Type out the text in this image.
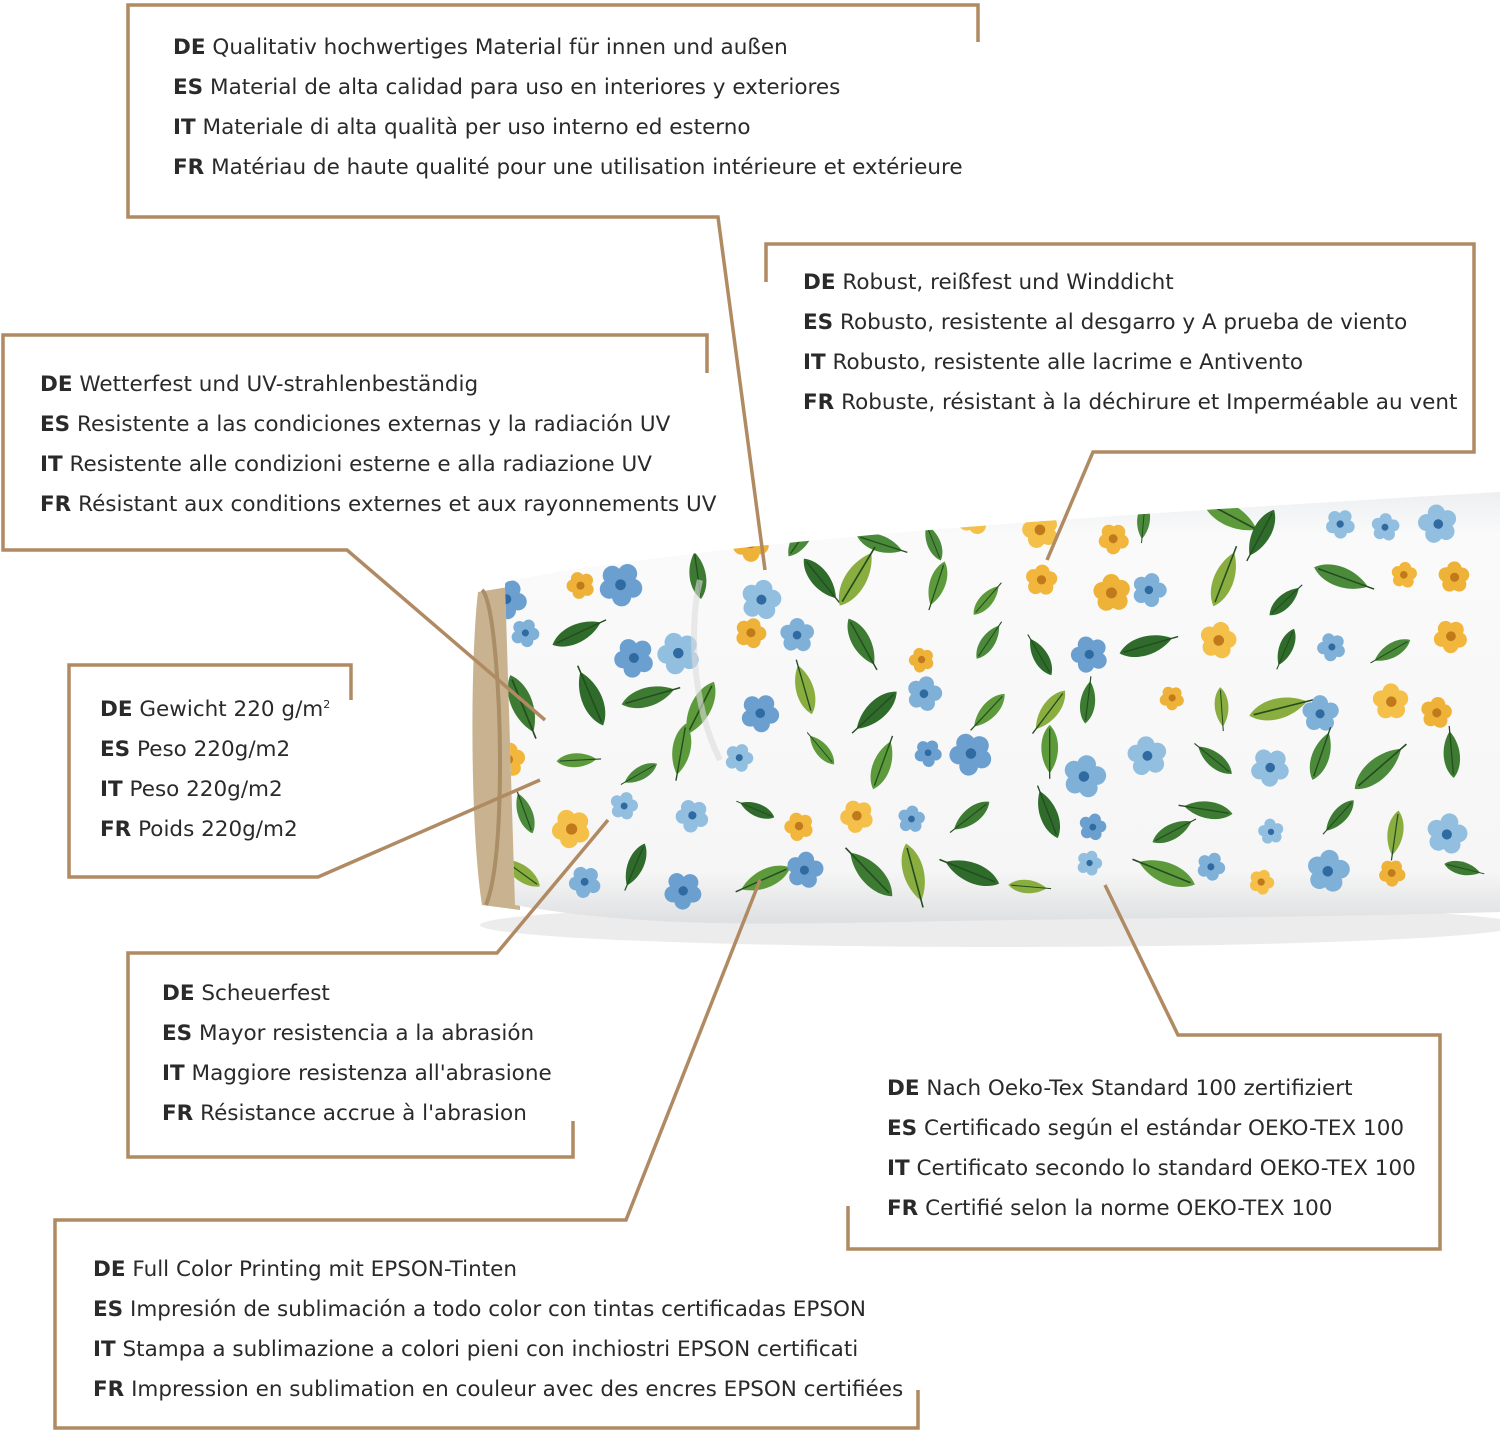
DE Qualitativ hochwertiges Material für innen und außen
ES Material de alta calidad para uso en interiores y exteriores
IT Materiale di alta qualità per uso interno ed esterno
FR Matériau de haute qualité pour une utilisation intérieure et extérieure
DE Robust, reißfest und Winddicht
ES Robusto, resistente al desgarro y A prueba de viento
IT Robusto, resistente alle lacrime e Antivento
FR Robuste, résistant à la déchirure et Imperméable au vent
DE Wetterfest und UV-strahlenbeständig
ES Resistente a las condiciones externas y la radiación UV
IT Resistente alle condizioni esterne e alla radiazione UV
FR Résistant aux conditions externes et aux rayonnements UV
DE Gewicht 220 $g/m^2$
ES Peso 220g/m2
IT Peso 220g/m2
FR Poids 220g/m2
DE Scheuerfest
ES Mayor resistencia a la abrasión
IT Maggiore resistenza all'abrasione
FR Résistance accrue à l'abrasion
DE Nach Oeko-Tex Standard 100 zertifiziert
ES Certificado según el estándar OEKO-TEX 100
IT Certificato secondo lo standard OEKO-TEX 100
FR Certifié selon la norme OEKO-TEX 100
DE Full Color Printing mit EPSON-Tinten
ES Impresión de sublimación a todo color con tintas certificadas EPSON
IT Stampa a sublimazione a colori pieni con inchiostri EPSON certificati
FR Impression en sublimation en couleur avec des encres EPSON certifiées
